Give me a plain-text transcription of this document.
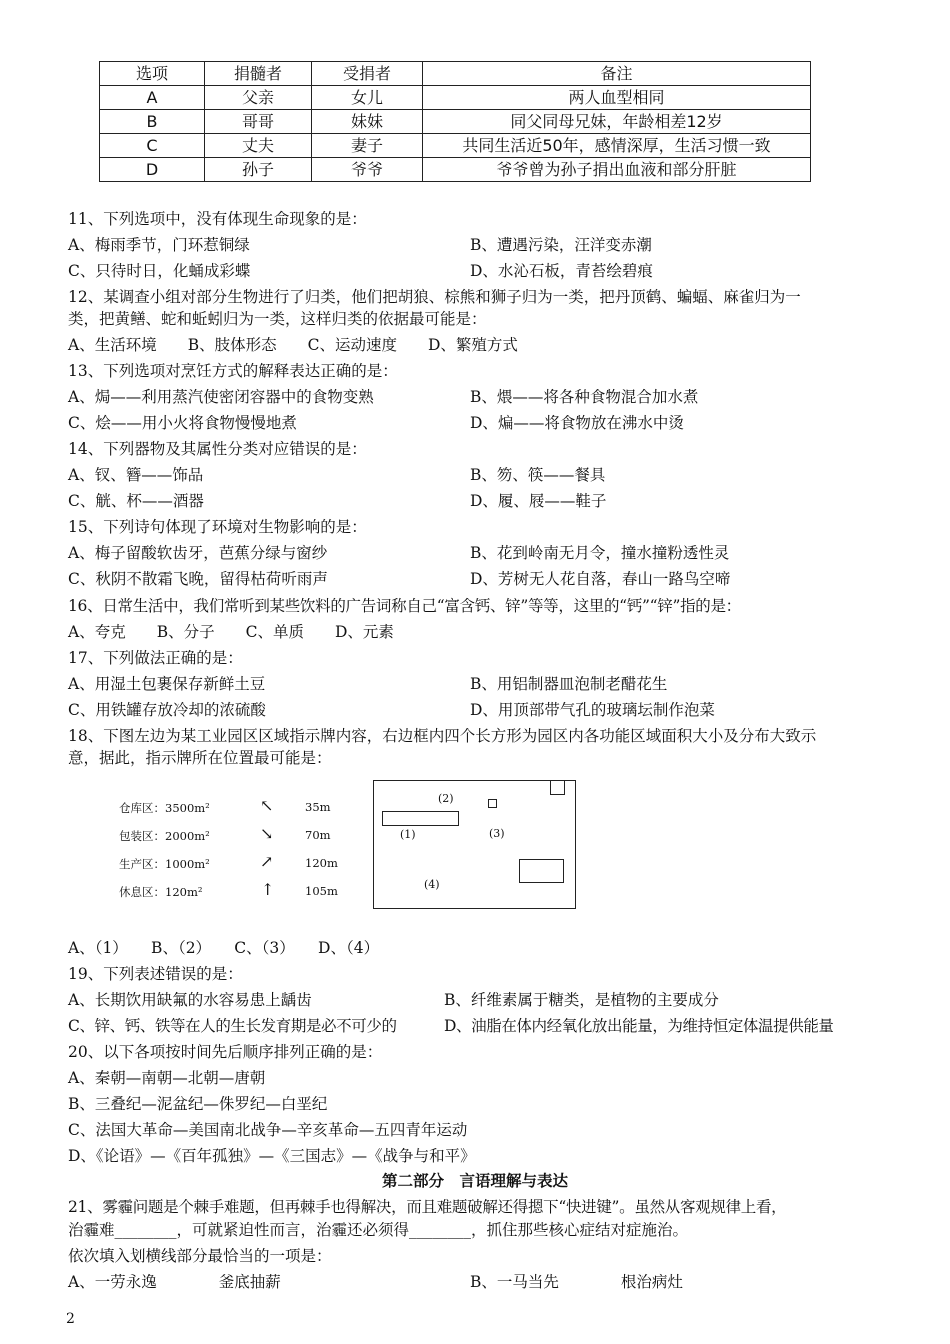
选项	捐髓者	受捐者	备注
A	父亲	女儿	两人血型相同
B	哥哥	妹妹	同父同母兄妹，年龄相差12岁
C	丈夫	妻子	共同生活近50年，感情深厚，生活习惯一致
D	孙子	爷爷	爷爷曾为孙子捐出血液和部分肝脏
11、下列选项中，没有体现生命现象的是：
A、梅雨季节，门环惹铜绿	B、遭遇污染，汪洋变赤潮
C、只待时日，化蛹成彩蝶	D、水沁石板，青苔绘碧痕
12、某调查小组对部分生物进行了归类，他们把胡狼、棕熊和狮子归为一类，把丹顶鹤、蝙蝠、麻雀归为一
类，把黄鳝、蛇和蚯蚓归为一类，这样归类的依据最可能是：
A、生活环境　　B、肢体形态　　C、运动速度　　D、繁殖方式
13、下列选项对烹饪方式的解释表达正确的是：
A、焗——利用蒸汽使密闭容器中的食物变熟	B、煨——将各种食物混合加水煮
C、烩——用小火将食物慢慢地煮	D、煸——将食物放在沸水中烫
14、下列器物及其属性分类对应错误的是：
A、钗、簪——饰品	B、笏、筷——餐具
C、觥、杯——酒器	D、履、屐——鞋子
15、下列诗句体现了环境对生物影响的是：
A、梅子留酸软齿牙，芭蕉分绿与窗纱	B、花到岭南无月令，撞水撞粉透性灵
C、秋阴不散霜飞晚，留得枯荷听雨声	D、芳树无人花自落，春山一路鸟空啼
16、日常生活中，我们常听到某些饮料的广告词称自己“富含钙、锌”等等，这里的“钙”“锌”指的是：
A、夸克　　B、分子　　C、单质　　D、元素
17、下列做法正确的是：
A、用湿土包裹保存新鲜土豆	B、用铝制器皿泡制老醋花生
C、用铁罐存放冷却的浓硫酸	D、用顶部带气孔的玻璃坛制作泡菜
18、下图左边为某工业园区区域指示牌内容，右边框内四个长方形为园区内各功能区域面积大小及分布大致示
意，据此，指示牌所在位置最可能是：
仓库区：3500m²	↖	35m
包装区：2000m²	↘	70m
生产区：1000m²	↗	120m
休息区：120m²	↑	105m
(2)
(1)	(3)
(4)
A、（1）　　B、（2）　　C、（3）　　D、（4）
19、下列表述错误的是：
A、长期饮用缺氟的水容易患上龋齿	B、纤维素属于糖类，是植物的主要成分
C、锌、钙、铁等在人的生长发育期是必不可少的	D、油脂在体内经氧化放出能量，为维持恒定体温提供能量
20、以下各项按时间先后顺序排列正确的是：
A、秦朝—南朝—北朝—唐朝
B、三叠纪—泥盆纪—侏罗纪—白垩纪
C、法国大革命—美国南北战争—辛亥革命—五四青年运动
D、《论语》—《百年孤独》—《三国志》—《战争与和平》
第二部分　言语理解与表达
21、雾霾问题是个棘手难题，但再棘手也得解决，而且难题破解还得摁下“快进键”。虽然从客观规律上看，
治霾难________，可就紧迫性而言，治霾还必须得________，抓住那些核心症结对症施治。
依次填入划横线部分最恰当的一项是：
A、一劳永逸　　　　釜底抽薪	B、一马当先　　　　根治病灶
2
